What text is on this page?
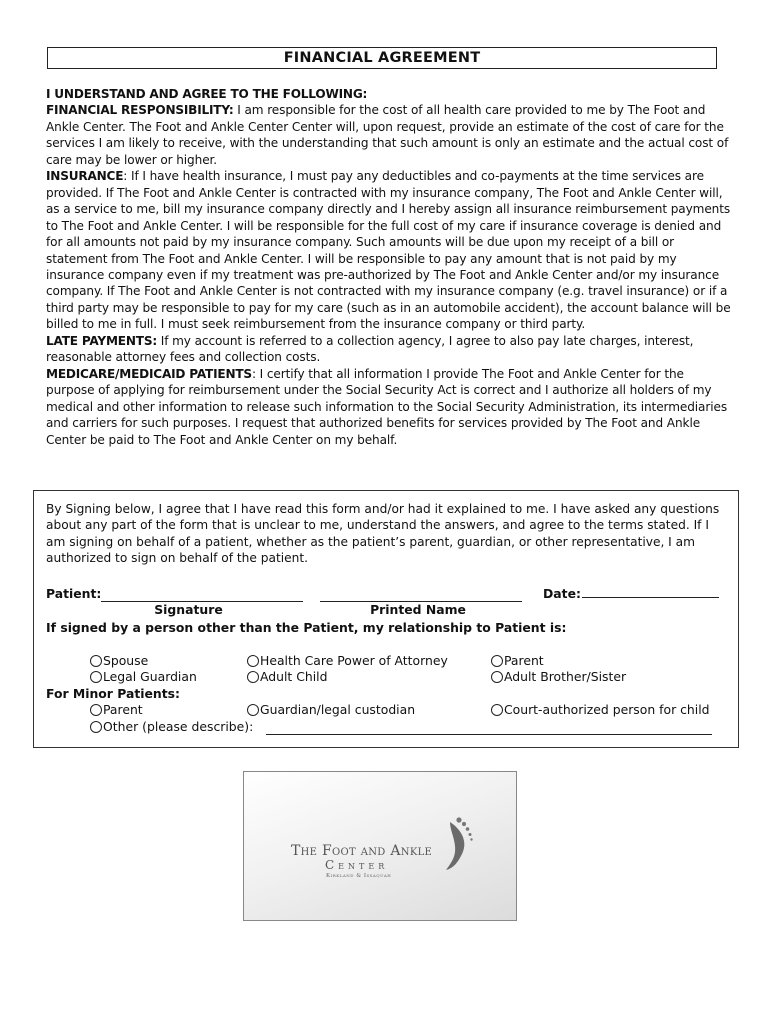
FINANCIAL AGREEMENT

I UNDERSTAND AND AGREE TO THE FOLLOWING:

FINANCIAL RESPONSIBILITY: I am responsible for the cost of all health care provided to me by The Foot and Ankle Center. The Foot and Ankle Center Center will, upon request, provide an estimate of the cost of care for the services I am likely to receive, with the understanding that such amount is only an estimate and the actual cost of care may be lower or higher.

INSURANCE: If I have health insurance, I must pay any deductibles and co-payments at the time services are provided. If The Foot and Ankle Center is contracted with my insurance company, The Foot and Ankle Center will, as a service to me, bill my insurance company directly and I hereby assign all insurance reimbursement payments to The Foot and Ankle Center. I will be responsible for the full cost of my care if insurance coverage is denied and for all amounts not paid by my insurance company. Such amounts will be due upon my receipt of a bill or statement from The Foot and Ankle Center. I will be responsible to pay any amount that is not paid by my insurance company even if my treatment was pre-authorized by The Foot and Ankle Center and/or my insurance company. If The Foot and Ankle Center is not contracted with my insurance company (e.g. travel insurance) or if a third party may be responsible to pay for my care (such as in an automobile accident), the account balance will be billed to me in full. I must seek reimbursement from the insurance company or third party.

LATE PAYMENTS: If my account is referred to a collection agency, I agree to also pay late charges, interest, reasonable attorney fees and collection costs.

MEDICARE/MEDICAID PATIENTS: I certify that all information I provide The Foot and Ankle Center for the purpose of applying for reimbursement under the Social Security Act is correct and I authorize all holders of my medical and other information to release such information to the Social Security Administration, its intermediaries and carriers for such purposes. I request that authorized benefits for services provided by The Foot and Ankle Center be paid to The Foot and Ankle Center on my behalf.

By Signing below, I agree that I have read this form and/or had it explained to me. I have asked any questions about any part of the form that is unclear to me, understand the answers, and agree to the terms stated. If I am signing on behalf of a patient, whether as the patient’s parent, guardian, or other representative, I am authorized to sign on behalf of the patient.
Patient:	Date:
Signature	Printed Name
If signed by a person other than the Patient, my relationship to Patient is:
Spouse	Health Care Power of Attorney	Parent
Legal Guardian	Adult Child	Adult Brother/Sister
For Minor Patients:
Parent	Guardian/legal custodian	Court-authorized person for child
Other (please describe):
The Foot and Ankle
Center
Kirkland & Issaquah
